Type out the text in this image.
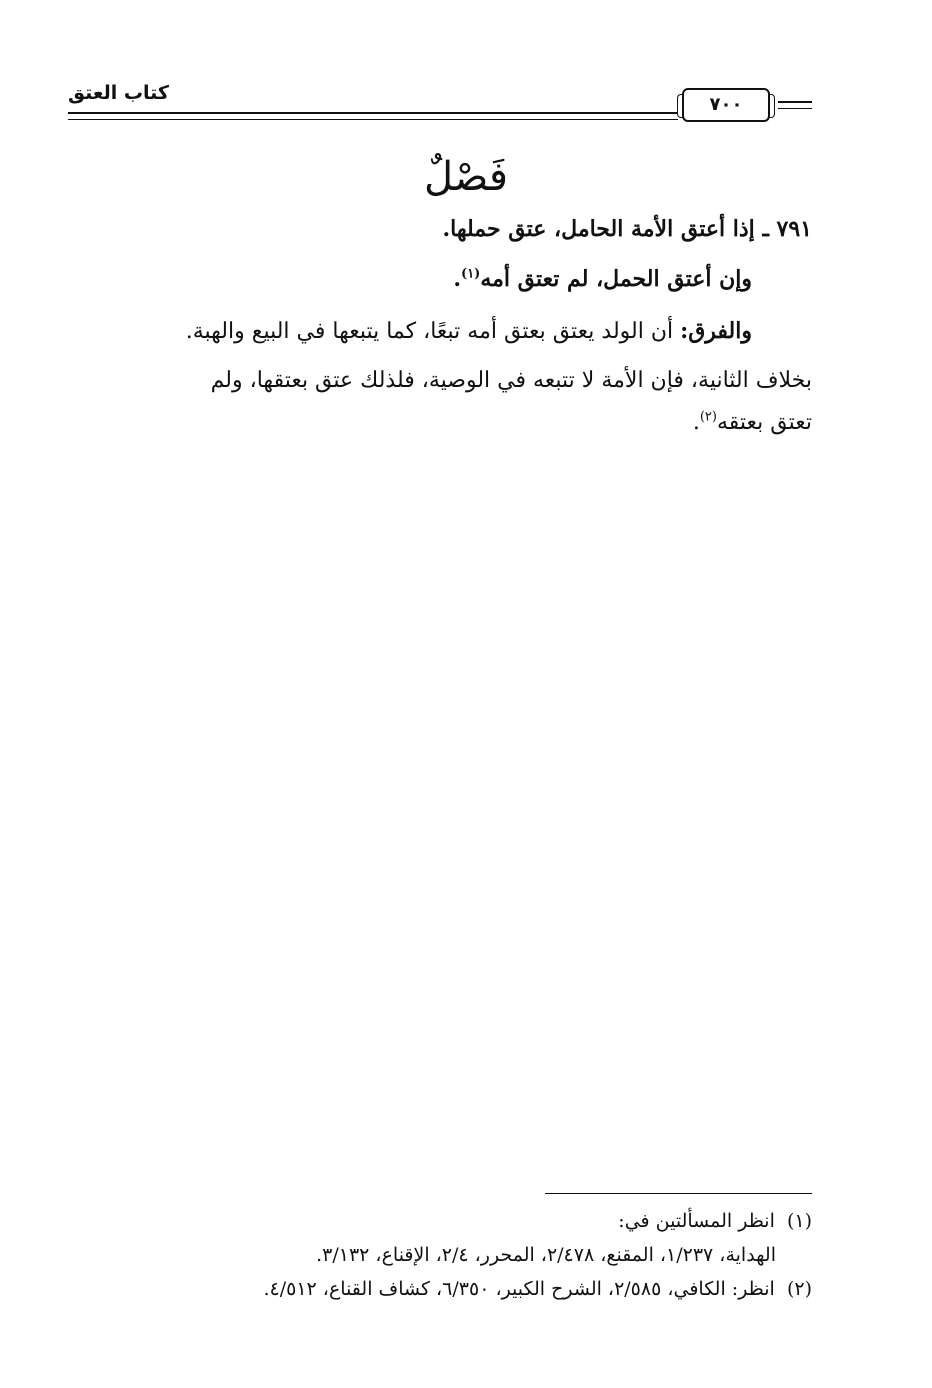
كتاب العتق
٧٠٠
فَصْلٌ
٧٩١ ـ إذا أعتق الأمة الحامل، عتق حملها.
وإن أعتق الحمل، لم تعتق أمه$^{(١)}$.
والفرق: أن الولد يعتق بعتق أمه تبعًا، كما يتبعها في البيع والهبة.
بخلاف الثانية، فإن الأمة لا تتبعه في الوصية، فلذلك عتق بعتقها، ولم
تعتق بعتقه$^{(٢)}$.
(١)  انظر المسألتين في:
الهداية، ١/٢٣٧، المقنع، ٢/٤٧٨، المحرر، ٢/٤، الإقناع، ٣/١٣٢.
(٢)  انظر: الكافي، ٢/٥٨٥، الشرح الكبير، ٦/٣٥٠، كشاف القناع، ٤/٥١٢.
